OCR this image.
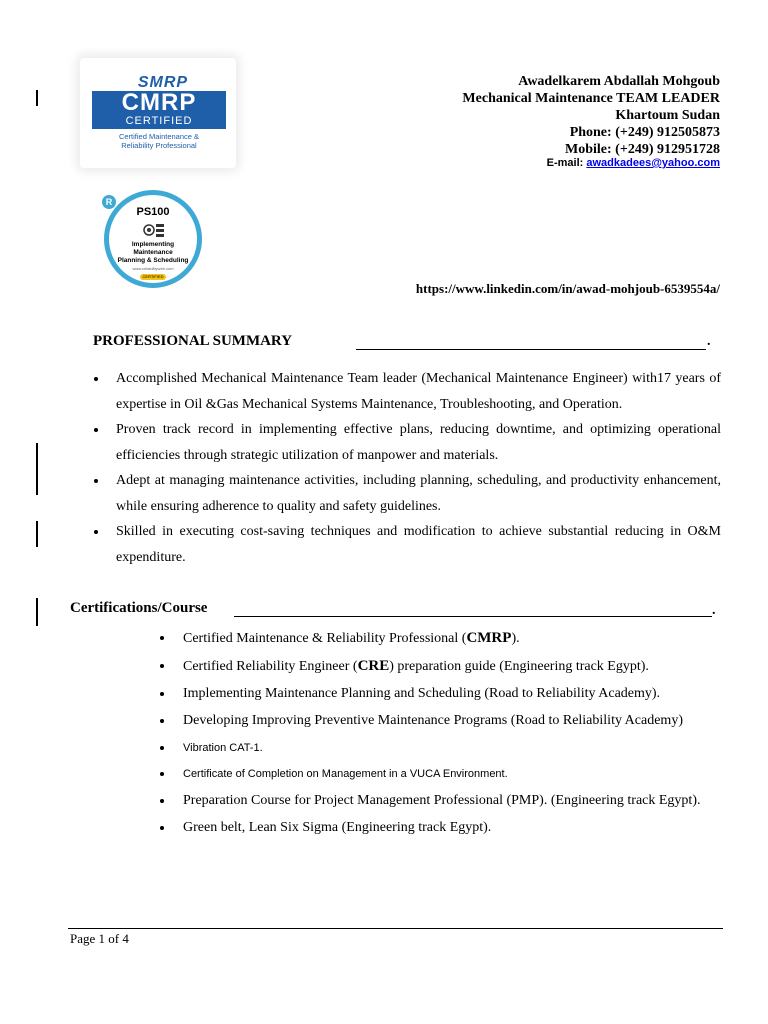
SMRP
CMRP
CERTIFIED
Certified Maintenance &
Reliability Professional
R
PS100
Implementing Maintenance
Planning & Scheduling
www.reliabilityweb.com
CERTIFIED
Awadelkarem Abdallah Mohgoub
Mechanical Maintenance TEAM LEADER
Khartoum Sudan
Phone: (+249) 912505873
Mobile: (+249) 912951728
E-mail: awadkadees@yahoo.com
https://www.linkedin.com/in/awad-mohjoub-6539554a/
PROFESSIONAL SUMMARY	.
Accomplished Mechanical Maintenance Team leader (Mechanical Maintenance Engineer) with17 years of expertise in Oil &Gas Mechanical Systems Maintenance, Troubleshooting, and Operation.
Proven track record in implementing effective plans, reducing downtime, and optimizing operational efficiencies through strategic utilization of manpower and materials.
Adept at managing maintenance activities, including planning, scheduling, and productivity enhancement, while ensuring adherence to quality and safety guidelines.
Skilled in executing cost-saving techniques and modification to achieve substantial reducing in O&M expenditure.
Certifications/Course	.
Certified Maintenance & Reliability Professional (CMRP).
Certified Reliability Engineer (CRE) preparation guide (Engineering track Egypt).
Implementing Maintenance Planning and Scheduling (Road to Reliability Academy).
Developing Improving Preventive Maintenance Programs (Road to Reliability Academy)
Vibration CAT-1.
Certificate of Completion on Management in a VUCA Environment.
Preparation Course for Project Management Professional (PMP). (Engineering track Egypt).
Green belt, Lean Six Sigma (Engineering track Egypt).
Page 1 of 4
